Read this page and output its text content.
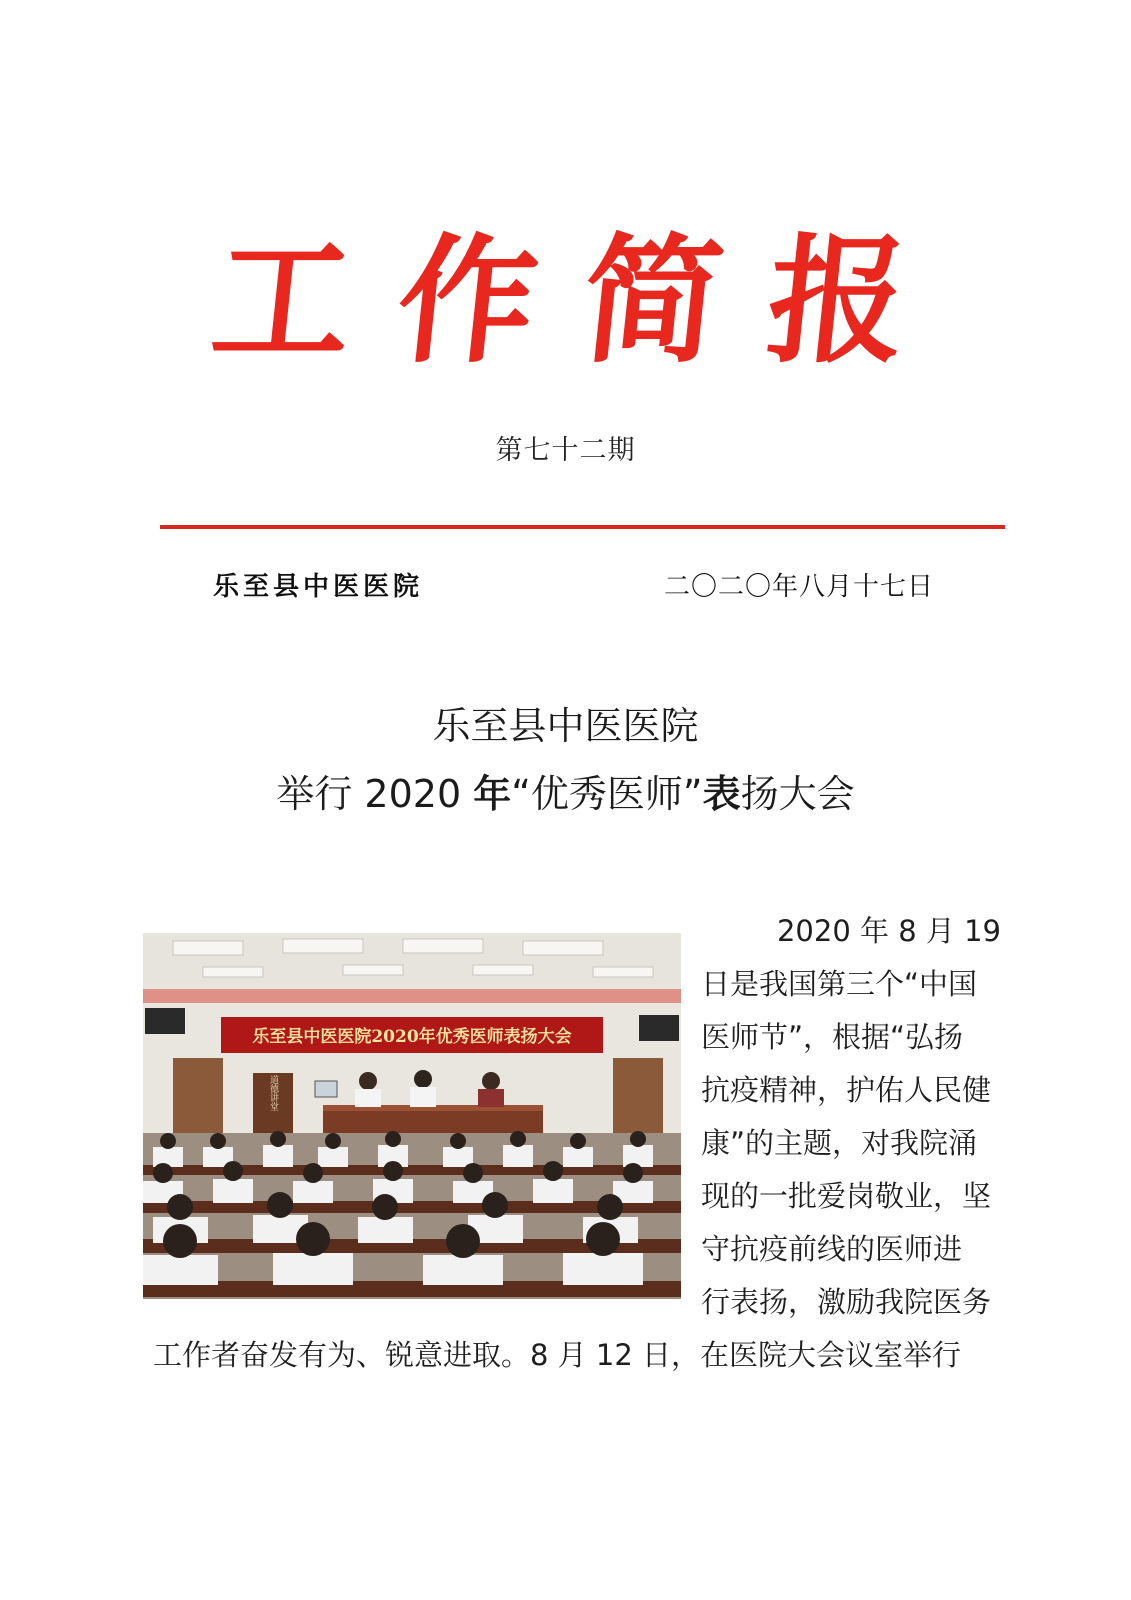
工 作 简 报
第七十二期
乐至县中医医院	二〇二〇年八月十七日
乐至县中医医院
举行 2020 年“优秀医师”表扬大会
乐至县中医医院2020年优秀医师表扬大会
道德讲堂
2020 年 8 月 19
日是我国第三个“中国
医师节”，根据“弘扬
抗疫精神，护佑人民健
康”的主题，对我院涌
现的一批爱岗敬业，坚
守抗疫前线的医师进
行表扬，激励我院医务
工作者奋发有为、锐意进取。8 月 12 日，在医院大会议室举行
